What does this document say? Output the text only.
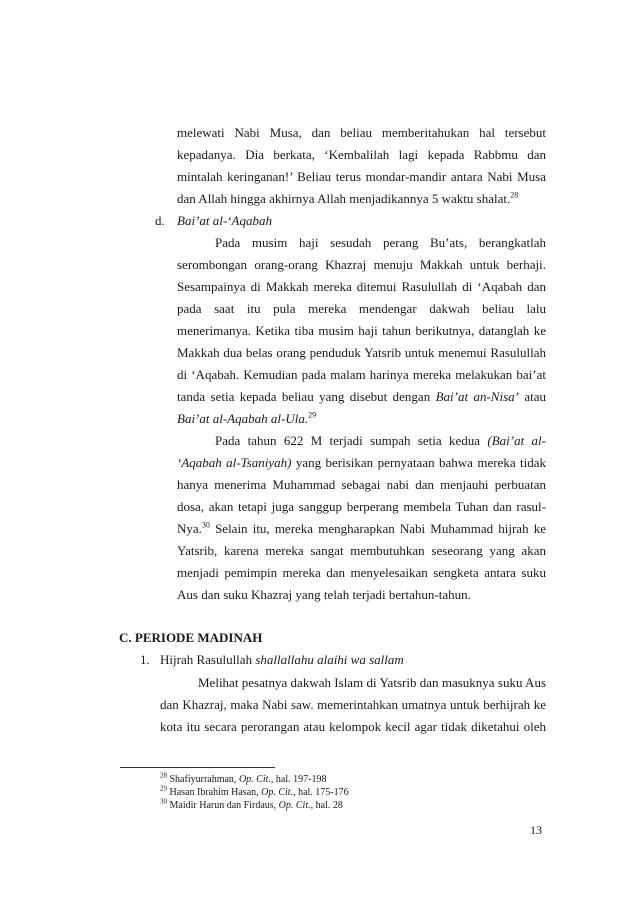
melewati Nabi Musa, dan beliau memberitahukan hal tersebut
kepadanya. Dia berkata, ‘Kembalilah lagi kepada Rabbmu dan
mintalah keringanan!’ Beliau terus mondar-mandir antara Nabi Musa
dan Allah hingga akhirnya Allah menjadikannya 5 waktu shalat.$^{28}$
d. Bai’at al-‘Aqabah
Pada musim haji sesudah perang Bu’ats, berangkatlah
serombongan orang-orang Khazraj menuju Makkah untuk berhaji.
Sesampainya di Makkah mereka ditemui Rasulullah di ‘Aqabah dan
pada saat itu pula mereka mendengar dakwah beliau lalu
menerimanya. Ketika tiba musim haji tahun berikutnya, datanglah ke
Makkah dua belas orang penduduk Yatsrib untuk menemui Rasulullah
di ‘Aqabah. Kemudian pada malam harinya mereka melakukan bai’at
tanda setia kepada beliau yang disebut dengan Bai’at an-Nisa’ atau
Bai’at al-Aqabah al-Ula.$^{29}$
Pada tahun 622 M terjadi sumpah setia kedua (Bai’at al-
‘Aqabah al-Tsaniyah) yang berisikan pernyataan bahwa mereka tidak
hanya menerima Muhammad sebagai nabi dan menjauhi perbuatan
dosa, akan tetapi juga sanggup berperang membela Tuhan dan rasul-
Nya.$^{30}$ Selain itu, mereka mengharapkan Nabi Muhammad hijrah ke
Yatsrib, karena mereka sangat membutuhkan seseorang yang akan
menjadi pemimpin mereka dan menyelesaikan sengketa antara suku
Aus dan suku Khazraj yang telah terjadi bertahun-tahun.
C. PERIODE MADINAH
1. Hijrah Rasulullah shallallahu alaihi wa sallam
Melihat pesatnya dakwah Islam di Yatsrib dan masuknya suku Aus
dan Khazraj, maka Nabi saw. memerintahkan umatnya untuk berhijrah ke
kota itu secara perorangan atau kelompok kecil agar tidak diketahui oleh
$^{28}$ Shafiyurrahman, Op. Cit., hal. 197-198
$^{29}$ Hasan Ibrahim Hasan, Op. Cit., hal. 175-176
$^{30}$ Maidir Harun dan Firdaus, Op. Cit., hal. 28
13
